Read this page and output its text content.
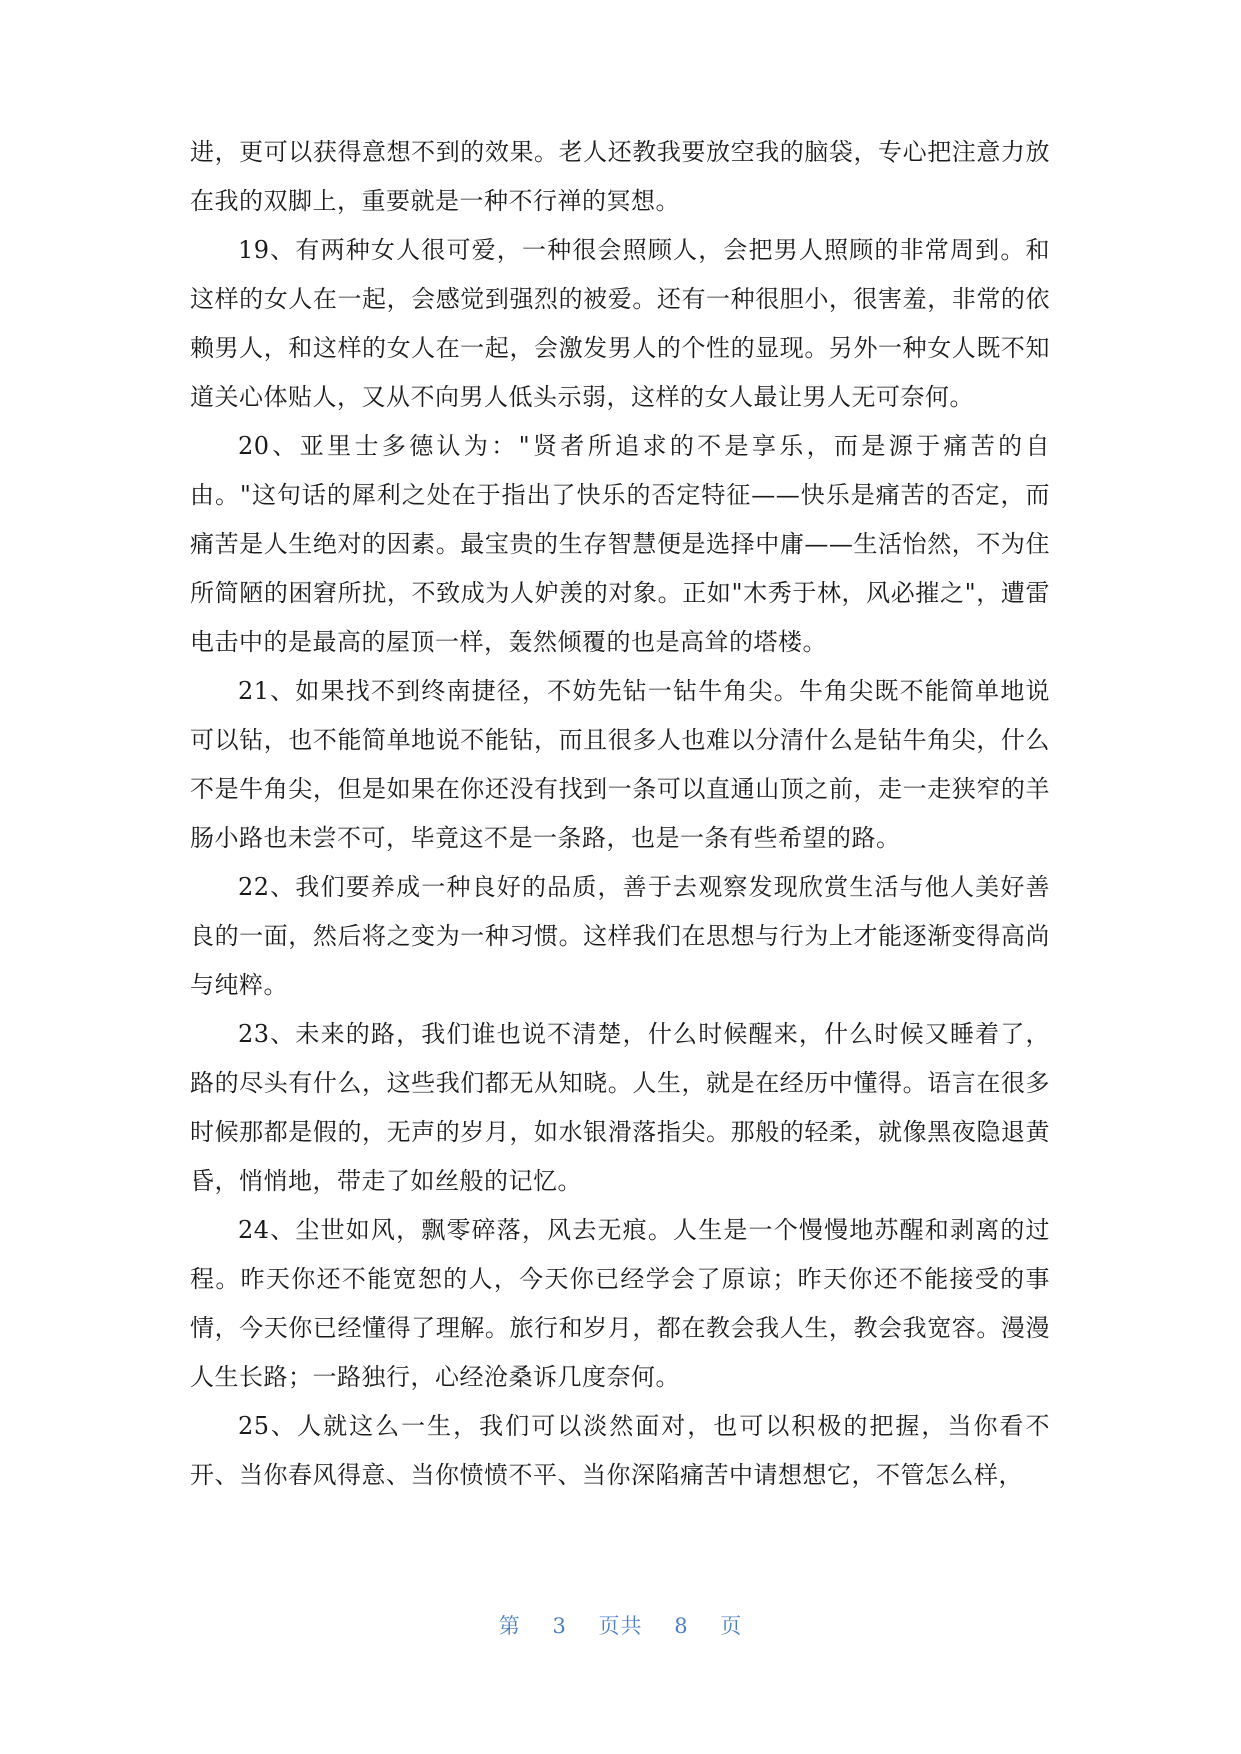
进，更可以获得意想不到的效果。老人还教我要放空我的脑袋，专心把注意力放在我的双脚上，重要就是一种不行禅的冥想。

19、有两种女人很可爱，一种很会照顾人，会把男人照顾的非常周到。和这样的女人在一起，会感觉到强烈的被爱。还有一种很胆小，很害羞，非常的依赖男人，和这样的女人在一起，会激发男人的个性的显现。另外一种女人既不知道关心体贴人，又从不向男人低头示弱，这样的女人最让男人无可奈何。

20、亚里士多德认为："贤者所追求的不是享乐，而是源于痛苦的自由。"这句话的犀利之处在于指出了快乐的否定特征——快乐是痛苦的否定，而痛苦是人生绝对的因素。最宝贵的生存智慧便是选择中庸——生活怡然，不为住所简陋的困窘所扰，不致成为人妒羡的对象。正如"木秀于林，风必摧之"，遭雷电击中的是最高的屋顶一样，轰然倾覆的也是高耸的塔楼。

21、如果找不到终南捷径，不妨先钻一钻牛角尖。牛角尖既不能简单地说可以钻，也不能简单地说不能钻，而且很多人也难以分清什么是钻牛角尖，什么不是牛角尖，但是如果在你还没有找到一条可以直通山顶之前，走一走狭窄的羊肠小路也未尝不可，毕竟这不是一条路，也是一条有些希望的路。

22、我们要养成一种良好的品质，善于去观察发现欣赏生活与他人美好善良的一面，然后将之变为一种习惯。这样我们在思想与行为上才能逐渐变得高尚与纯粹。

23、未来的路，我们谁也说不清楚，什么时候醒来，什么时候又睡着了，路的尽头有什么，这些我们都无从知晓。人生，就是在经历中懂得。语言在很多时候那都是假的，无声的岁月，如水银滑落指尖。那般的轻柔，就像黑夜隐退黄昏，悄悄地，带走了如丝般的记忆。

24、尘世如风，飘零碎落，风去无痕。人生是一个慢慢地苏醒和剥离的过程。昨天你还不能宽恕的人，今天你已经学会了原谅；昨天你还不能接受的事情，今天你已经懂得了理解。旅行和岁月，都在教会我人生，教会我宽容。漫漫人生长路；一路独行，心经沧桑诉几度奈何。

25、人就这么一生，我们可以淡然面对，也可以积极的把握，当你看不开、当你春风得意、当你愤愤不平、当你深陷痛苦中请想想它，不管怎么样，

第 3 页共 8 页
